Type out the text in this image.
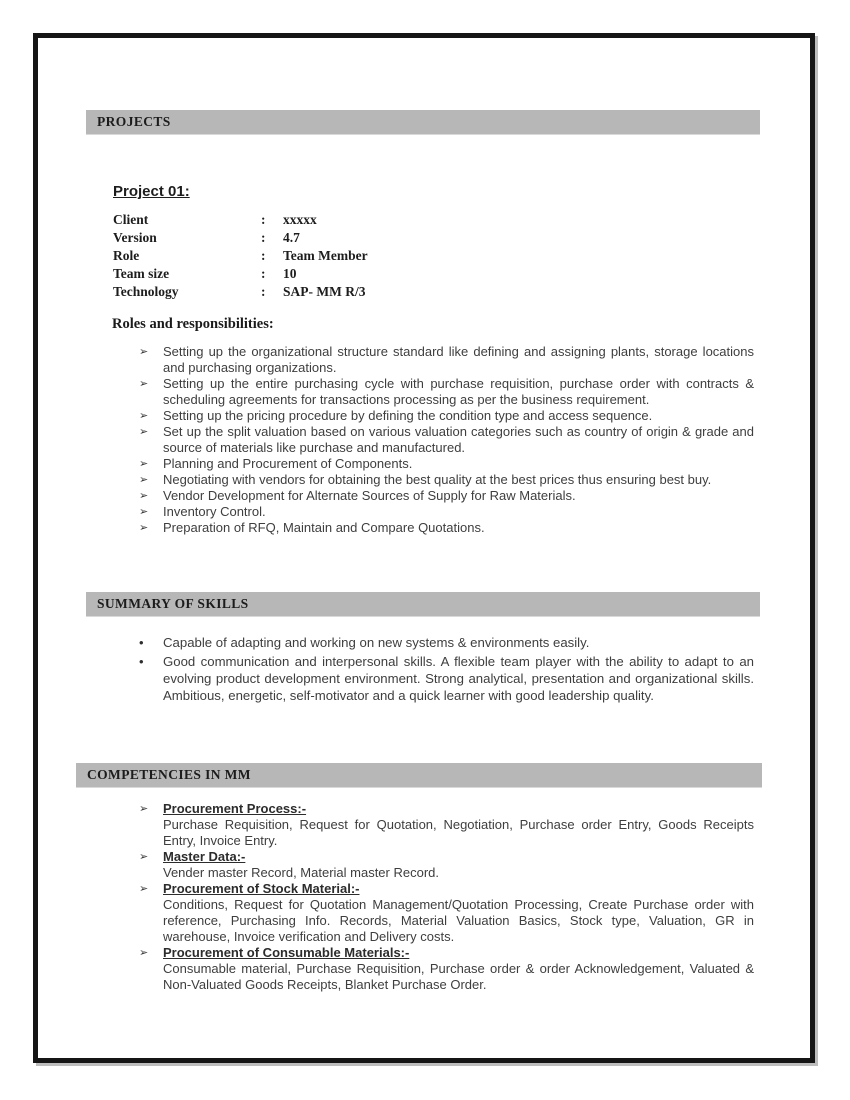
PROJECTS
Project 01:
Client	:	xxxxx
Version	:	4.7
Role	:	Team Member
Team size	:	10
Technology	:	SAP- MM R/3
Roles and responsibilities:
➢	Setting up the organizational structure standard like defining and assigning plants, storage locations and purchasing organizations.
➢	Setting up the entire purchasing cycle with purchase requisition, purchase order with contracts & scheduling agreements for transactions processing as per the business requirement.
➢	Setting up the pricing procedure by defining the condition type and access sequence.
➢	Set up the split valuation based on various valuation categories such as country of origin & grade and source of materials like purchase and manufactured.
➢	Planning and Procurement of Components.
➢	Negotiating with vendors for obtaining the best quality at the best prices thus ensuring best buy.
➢	Vendor Development for Alternate Sources of Supply for Raw Materials.
➢	Inventory Control.
➢	Preparation of RFQ, Maintain and Compare Quotations.
SUMMARY OF SKILLS
•	Capable of adapting and working on new systems & environments easily.
•	Good communication and interpersonal skills. A flexible team player with the ability to adapt to an evolving product development environment. Strong analytical, presentation and organizational skills. Ambitious, energetic, self-motivator and a quick learner with good leadership quality.
COMPETENCIES IN MM
➢	Procurement Process:-
Purchase Requisition, Request for Quotation, Negotiation, Purchase order Entry, Goods Receipts Entry, Invoice Entry.
➢	Master Data:-
Vender master Record, Material master Record.
➢	Procurement of Stock Material:-
Conditions, Request for Quotation Management/Quotation Processing, Create Purchase order with reference, Purchasing Info. Records, Material Valuation Basics, Stock type, Valuation, GR in warehouse, Invoice verification and Delivery costs.
➢	Procurement of Consumable Materials:-
Consumable material, Purchase Requisition, Purchase order & order Acknowledgement, Valuated & Non-Valuated Goods Receipts, Blanket Purchase Order.
